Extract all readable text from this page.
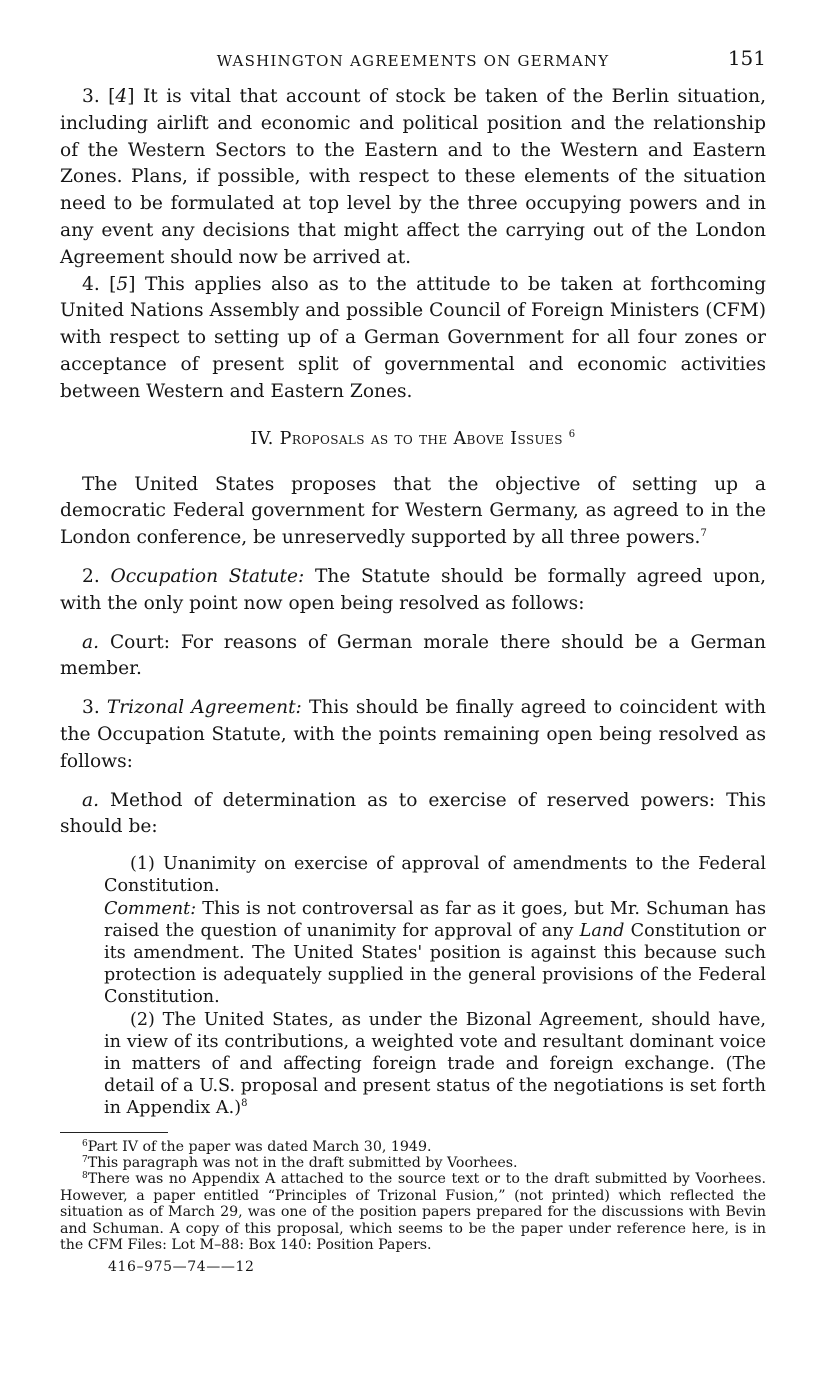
WASHINGTON AGREEMENTS ON GERMANY	151

3. [4] It is vital that account of stock be taken of the Berlin situation, including airlift and economic and political position and the relationship of the Western Sectors to the Eastern and to the Western and Eastern Zones. Plans, if possible, with respect to these elements of the situation need to be formulated at top level by the three occupying powers and in any event any decisions that might affect the carrying out of the London Agreement should now be arrived at.

4. [5] This applies also as to the attitude to be taken at forthcoming United Nations Assembly and possible Council of Foreign Ministers (CFM) with respect to setting up of a German Government for all four zones or acceptance of present split of governmental and economic activities between Western and Eastern Zones.

IV. Proposals as to the Above Issues $^6$

The United States proposes that the objective of setting up a democratic Federal government for Western Germany, as agreed to in the London conference, be unreservedly supported by all three powers.$^7$

2. Occupation Statute: The Statute should be formally agreed upon, with the only point now open being resolved as follows:

a. Court: For reasons of German morale there should be a German member.

3. Trizonal Agreement: This should be finally agreed to coincident with the Occupation Statute, with the points remaining open being resolved as follows:

a. Method of determination as to exercise of reserved powers: This should be:

(1) Unanimity on exercise of approval of amendments to the Federal Constitution.

Comment: This is not controversal as far as it goes, but Mr. Schuman has raised the question of unanimity for approval of any Land Constitution or its amendment. The United States' position is against this because such protection is adequately supplied in the general provisions of the Federal Constitution.

(2) The United States, as under the Bizonal Agreement, should have, in view of its contributions, a weighted vote and resultant dominant voice in matters of and affecting foreign trade and foreign exchange. (The detail of a U.S. proposal and present status of the negotiations is set forth in Appendix A.)$^8$

$^6$Part IV of the paper was dated March 30, 1949.

$^7$This paragraph was not in the draft submitted by Voorhees.

$^8$There was no Appendix A attached to the source text or to the draft submitted by Voorhees. However, a paper entitled “Principles of Trizonal Fusion,” (not printed) which reflected the situation as of March 29, was one of the position papers prepared for the discussions with Bevin and Schuman. A copy of this proposal, which seems to be the paper under reference here, is in the CFM Files: Lot M–88: Box 140: Position Papers.

416–975—74——12
